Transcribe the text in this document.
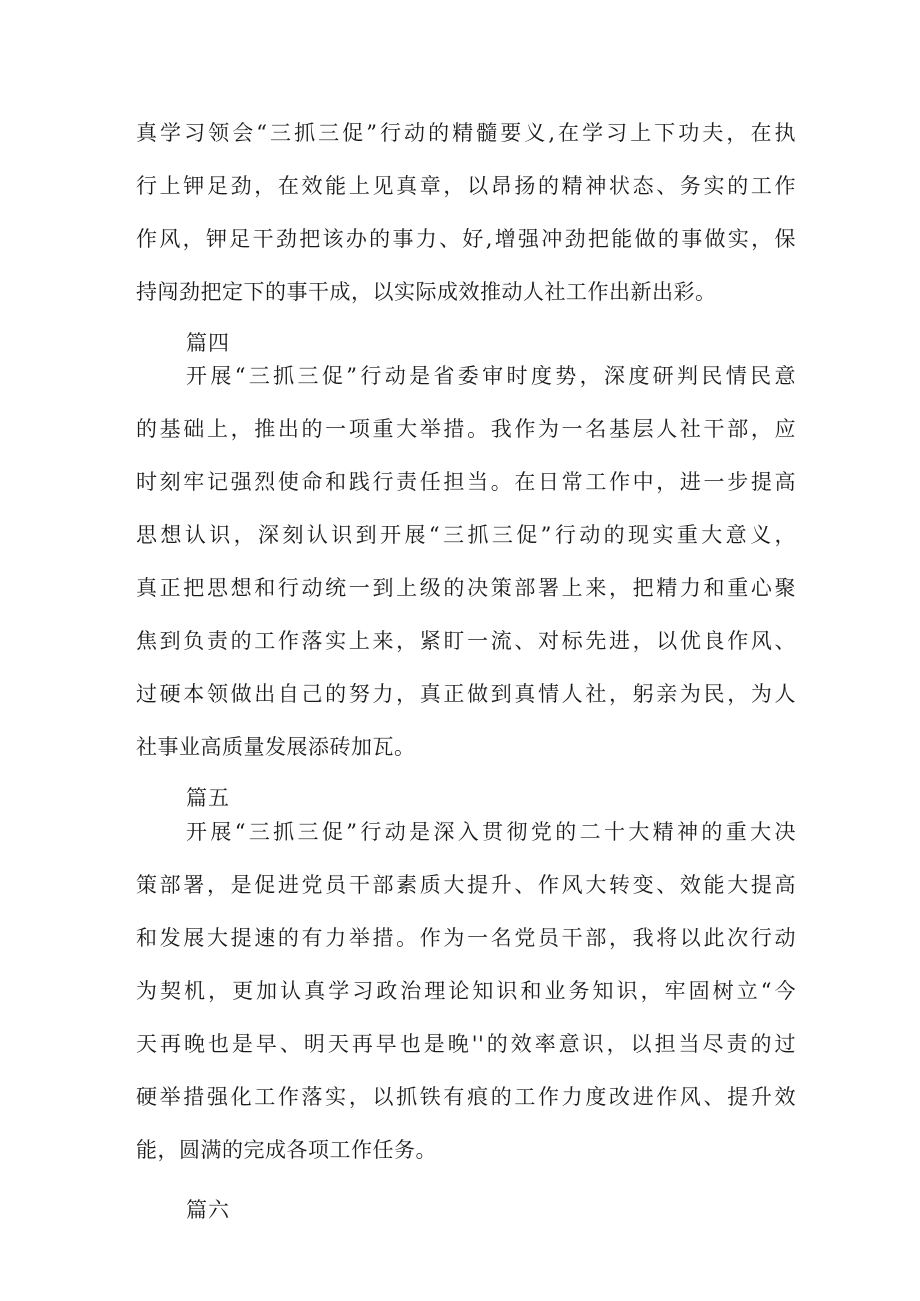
真学习领会“三抓三促”行动的精髓要义,在学习上下功夫，在执
行上钾足劲，在效能上见真章，以昂扬的精神状态、务实的工作
作风，钾足干劲把该办的事力、好,增强冲劲把能做的事做实，保
持闯劲把定下的事干成，以实际成效推动人社工作出新出彩。
篇四
开展“三抓三促”行动是省委审时度势，深度研判民情民意
的基础上，推出的一项重大举措。我作为一名基层人社干部，应
时刻牢记强烈使命和践行责任担当。在日常工作中，进一步提高
思想认识，深刻认识到开展“三抓三促”行动的现实重大意义，
真正把思想和行动统一到上级的决策部署上来，把精力和重心聚
焦到负责的工作落实上来，紧盯一流、对标先进，以优良作风、
过硬本领做出自己的努力，真正做到真情人社，躬亲为民，为人
社事业高质量发展添砖加瓦。
篇五
开展“三抓三促”行动是深入贯彻党的二十大精神的重大决
策部署，是促进党员干部素质大提升、作风大转变、效能大提高
和发展大提速的有力举措。作为一名党员干部，我将以此次行动
为契机，更加认真学习政治理论知识和业务知识，牢固树立“今
天再晚也是早、明天再早也是晚''的效率意识，以担当尽责的过
硬举措强化工作落实，以抓铁有痕的工作力度改进作风、提升效
能，圆满的完成各项工作任务。
篇六
